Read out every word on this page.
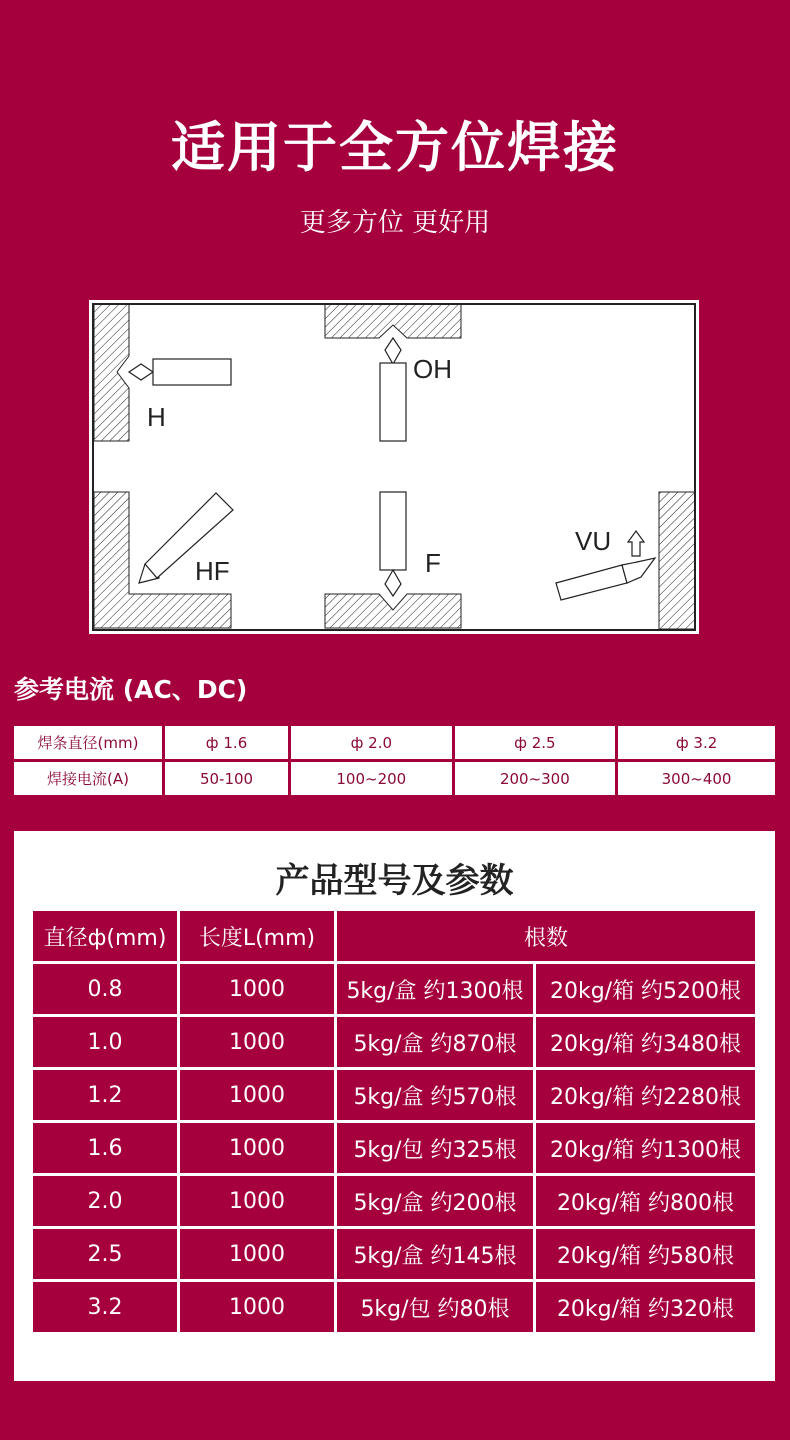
适用于全方位焊接
更多方位 更好用
H
OH
HF	F
VU
参考电流 (AC、DC)
焊条直径(mm)	ф 1.6	ф 2.0	ф 2.5	ф 3.2
焊接电流(A)	50-100	100~200	200~300	300~400
产品型号及参数
直径ф(mm)	长度L(mm)	根数	
0.8	1000	5kg/盒 约1300根	20kg/箱 约5200根
1.0	1000	5kg/盒 约870根	20kg/箱 约3480根
1.2	1000	5kg/盒 约570根	20kg/箱 约2280根
1.6	1000	5kg/包 约325根	20kg/箱 约1300根
2.0	1000	5kg/盒 约200根	20kg/箱 约800根
2.5	1000	5kg/盒 约145根	20kg/箱 约580根
3.2	1000	5kg/包 约80根	20kg/箱 约320根
